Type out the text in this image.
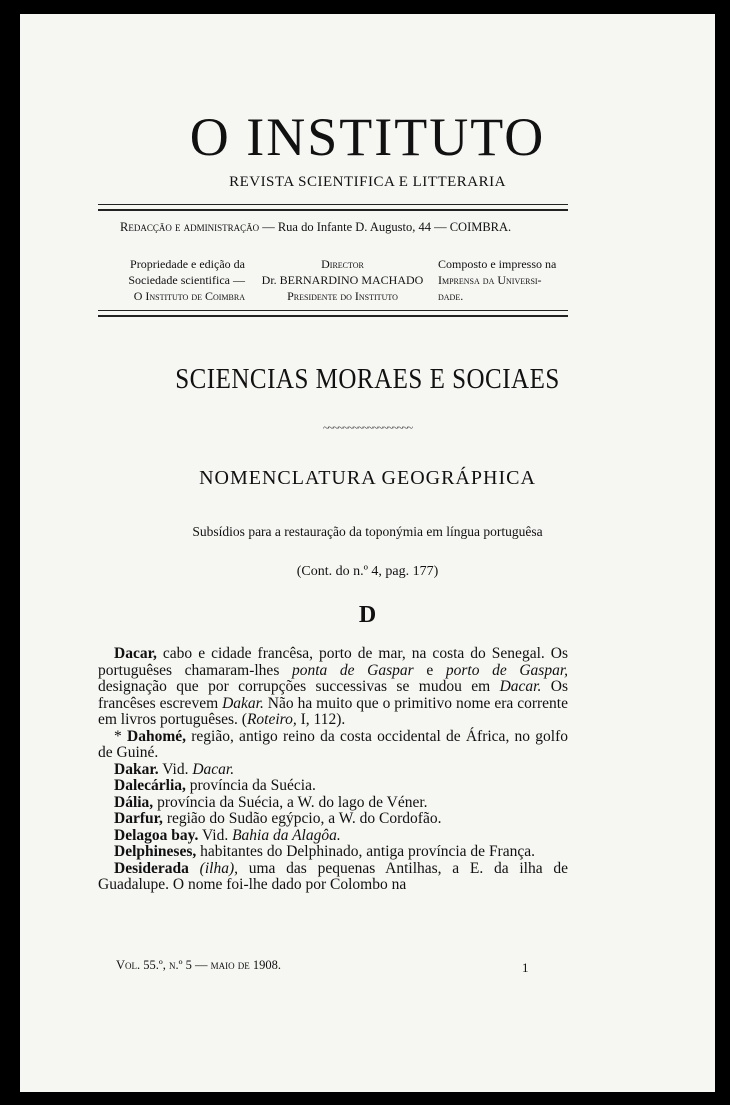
O INSTITUTO
REVISTA SCIENTIFICA E LITTERARIA
Redacção e administração — Rua do Infante D. Augusto, 44 — COIMBRA.
Propriedade e edição da
Sociedade scientifica —
O Instituto de Coimbra
Director
Dr. BERNARDINO MACHADO
Presidente do Instituto
Composto e impresso na
Imprensa da Universi-
dade.
SCIENCIAS MORAES E SOCIAES
~~~~~~~~~~~~~~~~~~
NOMENCLATURA GEOGRÁPHICA
Subsídios para a restauração da toponýmia em língua portuguêsa
(Cont. do n.º 4, pag. 177)
D

Dacar, cabo e cidade francêsa, porto de mar, na costa do Senegal. Os portuguêses chamaram-lhes ponta de Gaspar e porto de Gaspar, designação que por corrupções successivas se mudou em Dacar. Os francêses escrevem Dakar. Não ha muito que o primitivo nome era corrente em livros portuguêses. (Roteiro, I, 112).

* Dahomé, região, antigo reino da costa occidental de África, no golfo de Guiné.

Dakar. Vid. Dacar.

Dalecárlia, província da Suécia.

Dália, província da Suécia, a W. do lago de Véner.

Darfur, região do Sudão egýpcio, a W. do Cordofão.

Delagoa bay. Vid. Bahia da Alagôa.

Delphineses, habitantes do Delphinado, antiga província de França.

Desiderada (ilha), uma das pequenas Antilhas, a E. da ilha de Guadalupe. O nome foi-lhe dado por Colombo na

Vol. 55.º, n.º 5 — maio de 1908.	1
